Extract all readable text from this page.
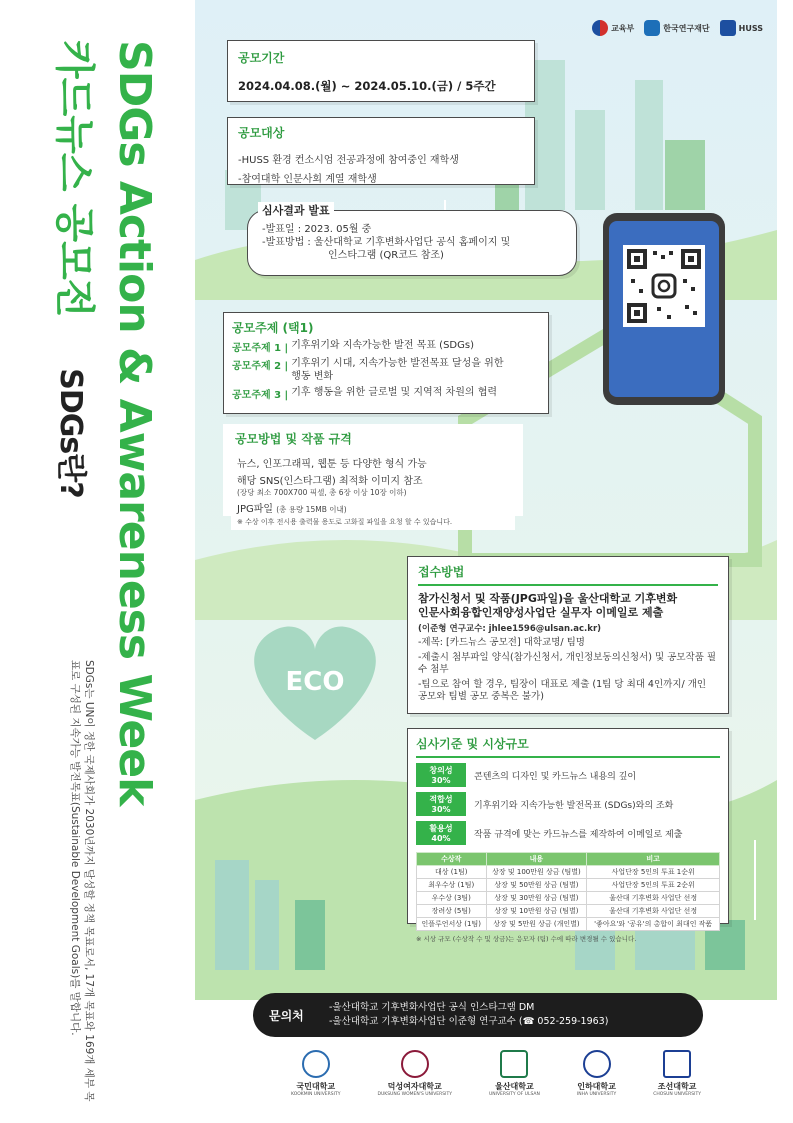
SDGs Action & Awareness Week
카드뉴스 공모전  SDGs란?
SDGs는 UN이 정한 국제사회가 2030년까지 달성할 정책 목표로서, 17개 목표와 169개 세부 목표로 구성된 지속가능 발전목표(Sustainable Development Goals)를 말합니다.	ECO
교육부	한국연구재단	HUSS
공모기간
2024.04.08.(월) ~ 2024.05.10.(금) / 5주간
공모대상
-HUSS 환경 컨소시엄 전공과정에 참여중인 재학생
-참여대학 인문사회 계열 재학생
심사결과 발표
-발표일 : 2023. 05월 중
-발표방법 : 울산대학교 기후변화사업단 공식 홈페이지 및
인스타그램 (QR코드 참조)
공모주제 (택1)
공모주제 1 | 기후위기와 지속가능한 발전 목표 (SDGs)
공모주제 2 | 기후위기 시대, 지속가능한 발전목표 달성을 위한 행동 변화
공모주제 3 | 기후 행동을 위한 글로벌 및 지역적 차원의 협력
공모방법 및 작품 규격
뉴스, 인포그래픽, 웹툰 등 다양한 형식 가능
해당 SNS(인스타그램) 최적화 이미지 참조
(장당 최소 700X700 픽셀, 총 6장 이상 10장 이하)
JPG파일 (총 용량 15MB 이내)
※ 수상 이후 전시용 출력물 용도로 고화질 파일을 요청 할 수 있습니다.
접수방법
참가신청서 및 작품(JPG파일)을 울산대학교 기후변화
인문사회융합인재양성사업단 실무자 이메일로 제출
(이준형 연구교수: jhlee1596@ulsan.ac.kr)
-제목: [카드뉴스 공모전] 대학교명/ 팀명
-제출시 첨부파일 양식(참가신청서, 개인정보동의신청서) 및 공모작품 필수 첨부
-팀으로 참여 할 경우, 팀장이 대표로 제출 (1팀 당 최대 4인까지/ 개인 공모와 팀별 공모 중복은 불가)
심사기준 및 시상규모
창의성 30%	콘텐츠의 디자인 및 카드뉴스 내용의 깊이
적합성 30%	기후위기와 지속가능한 발전목표 (SDGs)와의 조화
활용성 40%	작품 규격에 맞는 카드뉴스를 제작하여 이메일로 제출
수상작	내용	비고
대상 (1팀)	상장 및 100만원 상금 (팀별)	사업단장 5인의 투표 1순위
최우수상 (1팀)	상장 및 50만원 상금 (팀별)	사업단장 5인의 투표 2순위
우수상 (3팀)	상장 및 30만원 상금 (팀별)	울산대 기후변화 사업단 선정
장려상 (5팀)	상장 및 10만원 상금 (팀별)	울산대 기후변화 사업단 선정
인플루언서상 (1팀)	상장 및 5만원 상금 (개인별)	'좋아요'와 '공유'의 총합이 최대인 작품
※ 시상 규모 (수상작 수 및 상금)는 응모자 (팀) 수에 따라 변경될 수 있습니다.
문의처
-울산대학교 기후변화사업단 공식 인스타그램 DM
-울산대학교 기후변화사업단 이준형 연구교수 (☎ 052-259-1963)
국민대학교
KOOKMIN UNIVERSITY
덕성여자대학교
DUKSUNG WOMEN'S UNIVERSITY
울산대학교
UNIVERSITY OF ULSAN
인하대학교
INHA UNIVERSITY
조선대학교
CHOSUN UNIVERSITY
